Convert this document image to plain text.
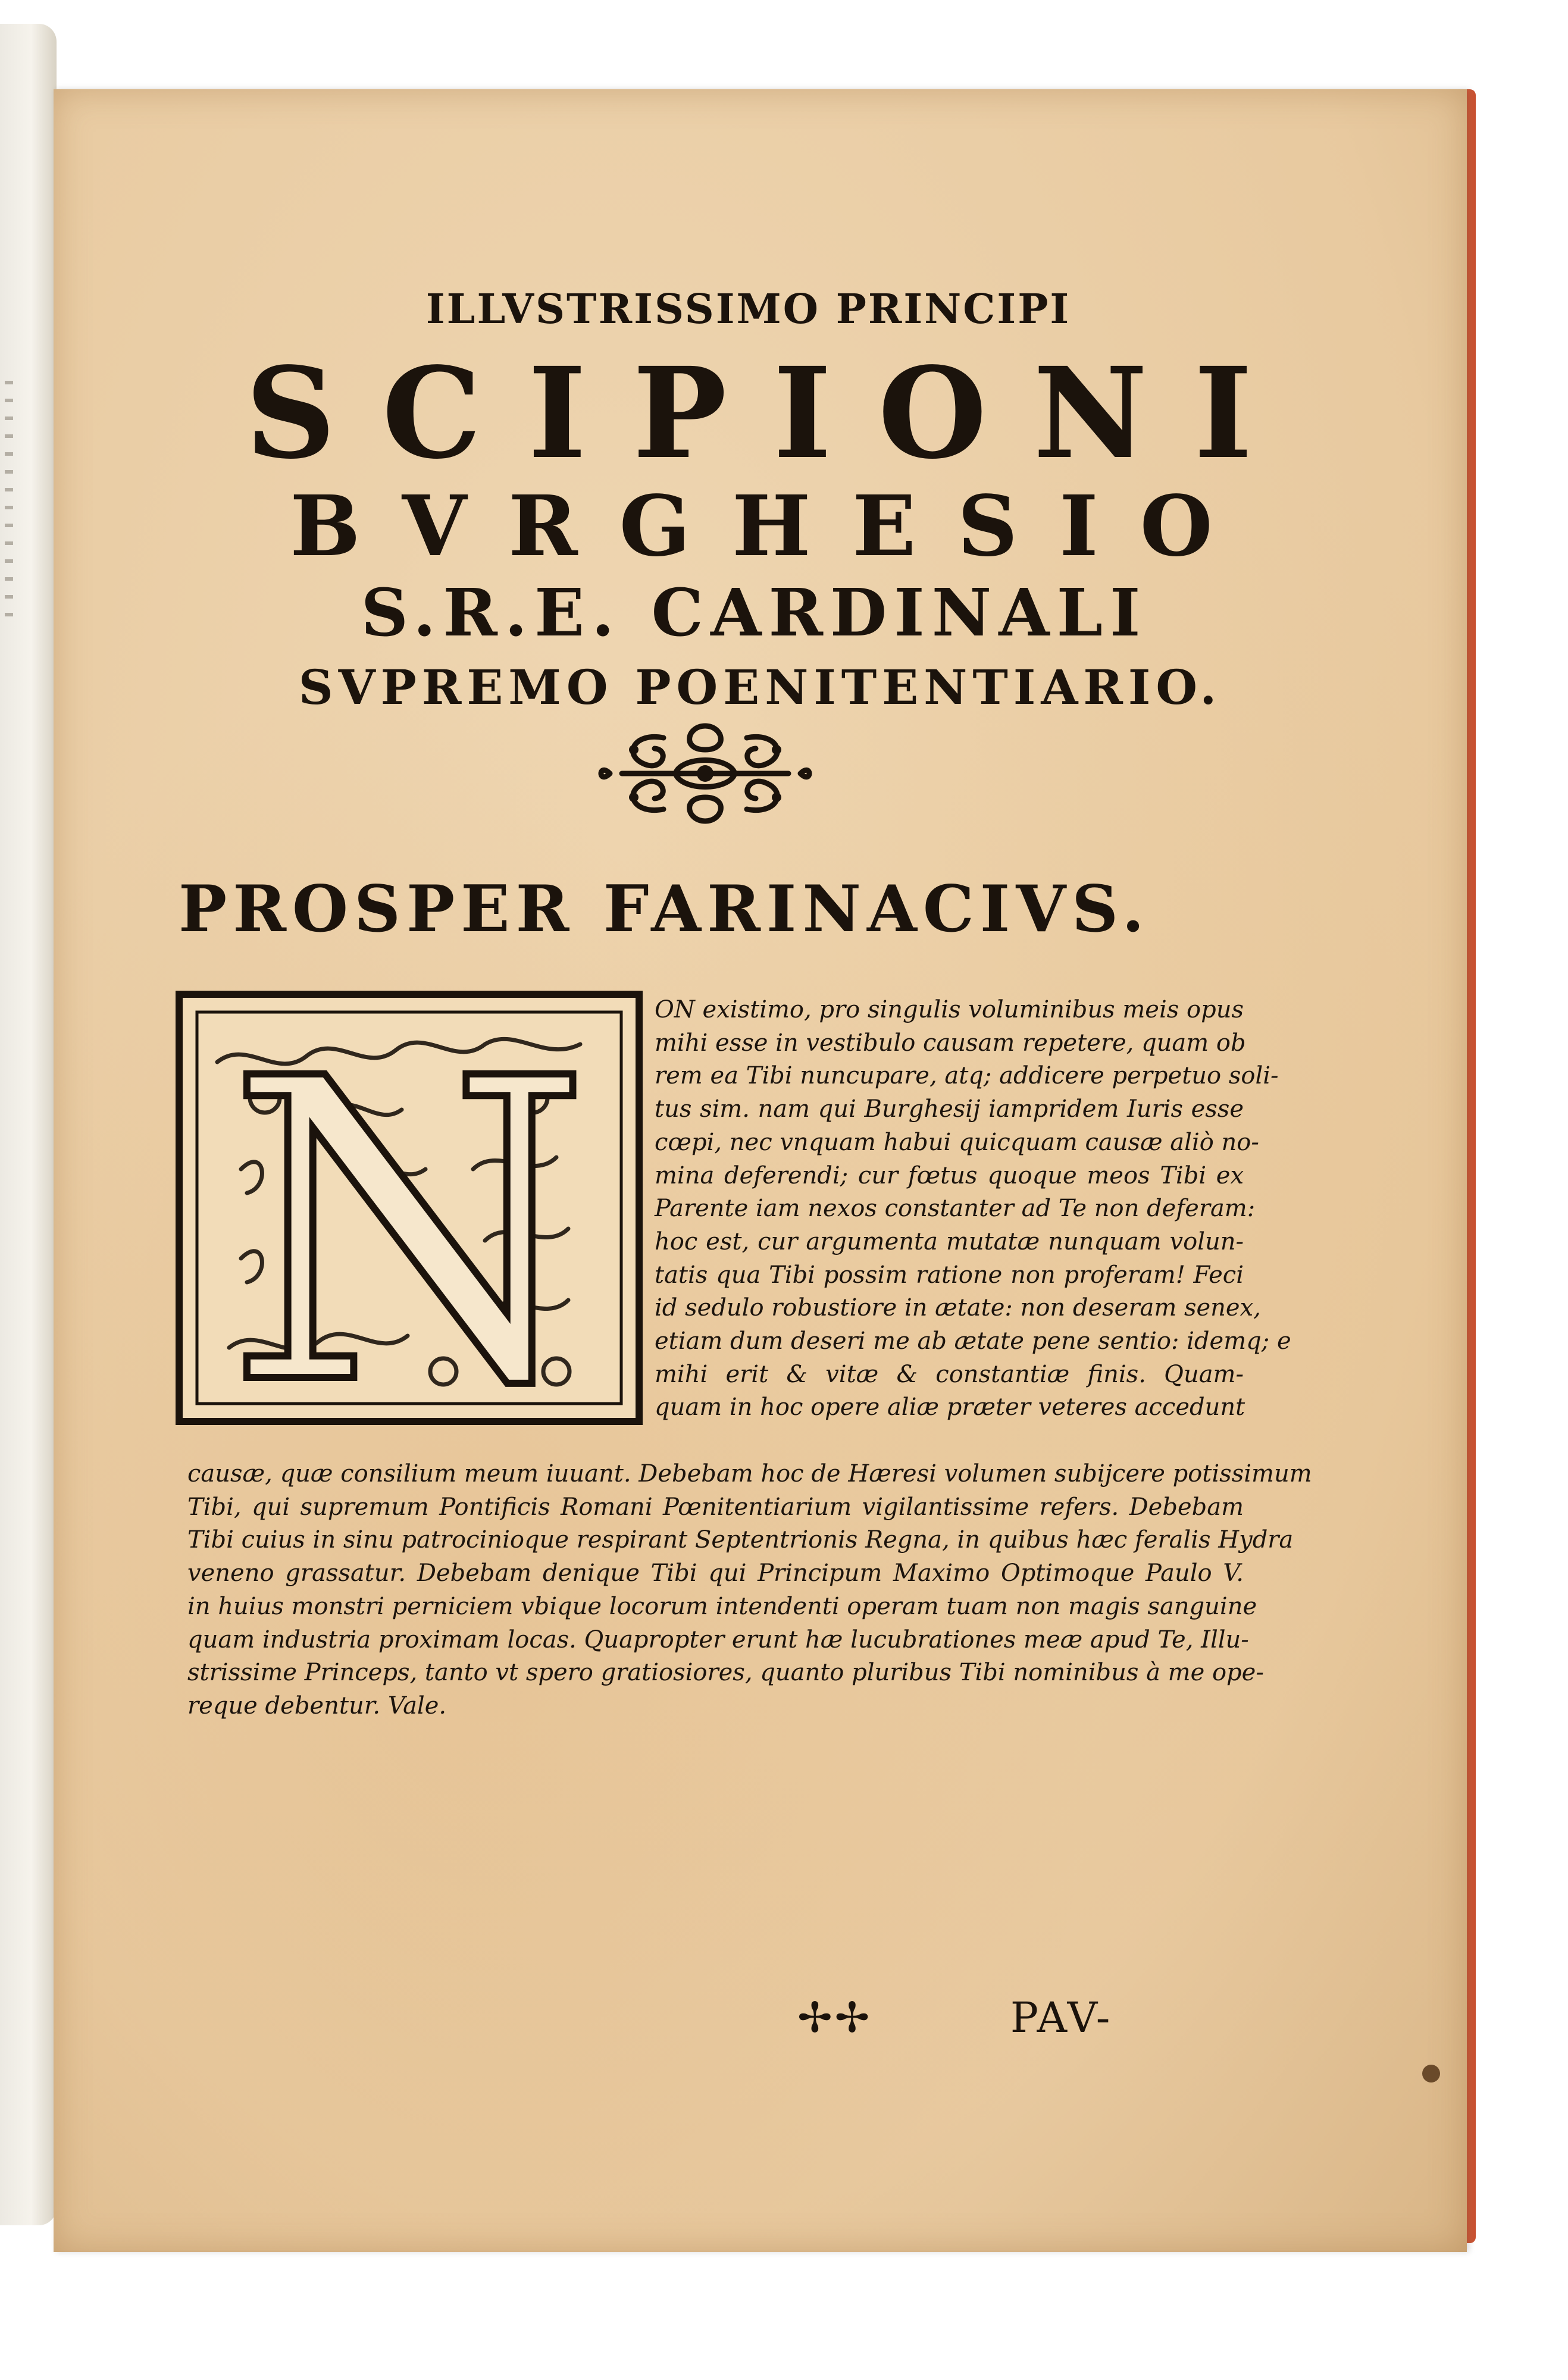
ILLVSTRISSIMO PRINCIPI
SCIPIONI
BVRGHESIO
S.R.E. CARDINALI
SVPREMO POENITENTIARIO.
PROSPER FARINACIVS.
N	ON existimo, pro singulis voluminibus meis opus
mihi esse in vestibulo causam repetere, quam ob
rem ea Tibi nuncupare, atq; addicere perpetuo soli-
tus sim. nam qui Burghesij iampridem Iuris esse
cœpi, nec vnquam habui quicquam causæ aliò no-
mina deferendi; cur fœtus quoque meos Tibi ex
Parente iam nexos constanter ad Te non deferam:
hoc est, cur argumenta mutatæ nunquam volun-
tatis qua Tibi possim ratione non proferam! Feci
id sedulo robustiore in ætate: non deseram senex,
etiam dum deseri me ab ætate pene sentio: idemq; e
mihi erit & vitæ & constantiæ finis. Quam-
quam in hoc opere aliæ præter veteres accedunt

causæ, quæ consilium meum iuuant. Debebam hoc de Hæresi volumen subijcere potissimum
Tibi, qui supremum Pontificis Romani Pœnitentiarium vigilantissime refers. Debebam
Tibi cuius in sinu patrocinioque respirant Septentrionis Regna, in quibus hæc feralis Hydra
veneno grassatur. Debebam denique Tibi qui Principum Maximo Optimoque Paulo V.
in huius monstri perniciem vbique locorum intendenti operam tuam non magis sanguine
quam industria proximam locas. Quapropter erunt hæ lucubrationes meæ apud Te, Illu-
strissime Princeps, tanto vt spero gratiosiores, quanto pluribus Tibi nominibus à me ope-
reque debentur. Vale.

✢✢	PAV-
